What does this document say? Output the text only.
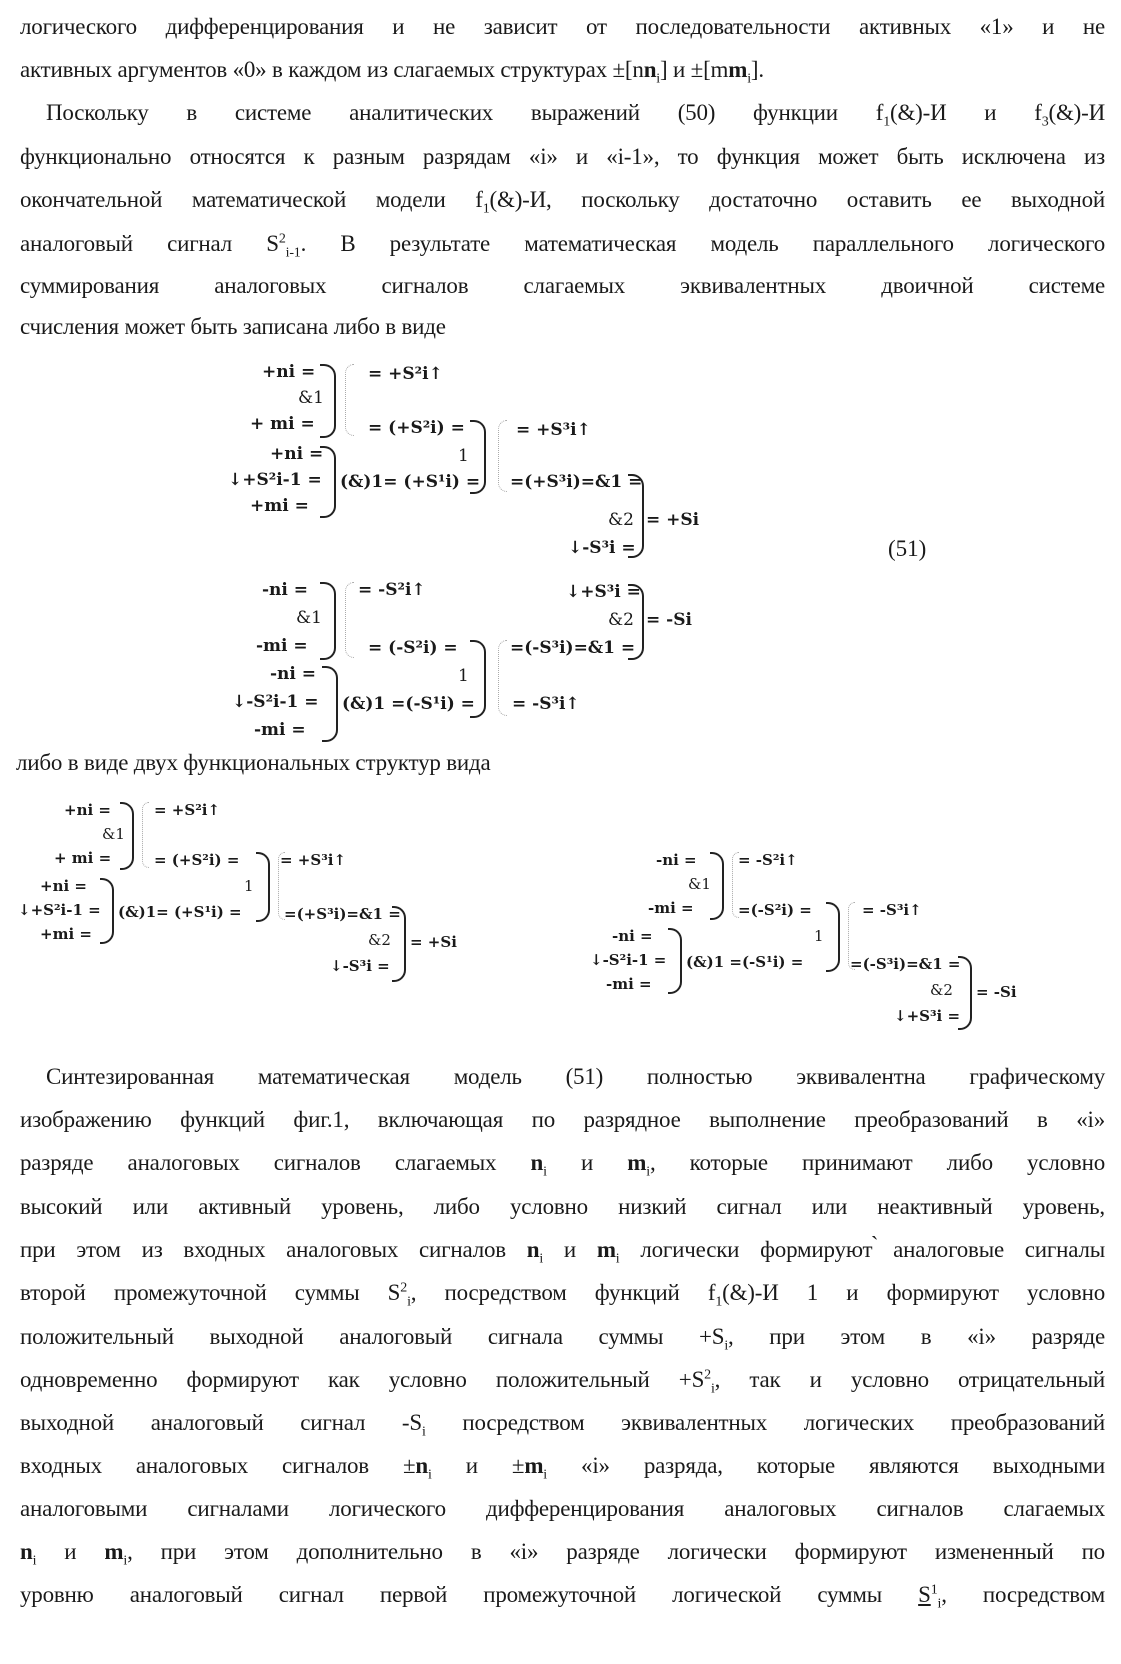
логического дифференцирования и не зависит от последовательности активных «1» и не
активных аргументов «0» в каждом из слагаемых структурах ±[nni] и ±[mmi].
Поскольку в системе аналитических выражений (50) функции f1(&)-И и f3(&)-И
функционально относятся к разным разрядам «i» и «i-1», то функция может быть исключена из
окончательной математической модели f1(&)-И, поскольку достаточно оставить ее выходной
аналоговый сигнал S2i-1. В результате математическая модель параллельного логического
суммирования аналоговых сигналов слагаемых эквивалентных двоичной системе
счисления может быть записана либо в виде
+ni =
&1
+ mi =
= +S²i↑
= (+S²i) =
+ni =
↓+S²i-1 =
+mi =
(&)1= (+S¹i) =
1
= +S³i↑
=(+S³i)=&1 =
&2
↓-S³i =
= +Si
(51)
-ni =
&1
-mi =
= -S²i↑
= (-S²i) =
-ni =
↓-S²i-1 =
-mi =
(&)1 =(-S¹i) =
1
↓+S³i =
&2
=(-S³i)=&1 =
= -Si
= -S³i↑
либо в виде двух функциональных структур вида
+ni =
&1
+ mi =
= +S²i↑
= (+S²i) =
+ni =
↓+S²i-1 =
+mi =
(&)1= (+S¹i) =
1
= +S³i↑
=(+S³i)=&1 =
&2
↓-S³i =
= +Si
-ni =
&1
-mi =
= -S²i↑
=(-S²i) =
-ni =
↓-S²i-1 =
-mi =
(&)1 =(-S¹i) =
1
= -S³i↑
=(-S³i)=&1 =
&2
↓+S³i =
= -Si
Синтезированная математическая модель (51) полностью эквивалентна графическому
изображению функций фиг.1, включающая по разрядное выполнение преобразований в «i»
разряде аналоговых сигналов слагаемых ni и mi, которые принимают либо условно
высокий или активный уровень, либо условно низкий сигнал или неактивный уровень,
при этом из входных аналоговых сигналов ni и mi логически формируют ̀аналоговые сигналы
второй промежуточной суммы S2i, посредством функций f1(&)-И 1 и формируют условно
положительный выходной аналоговый сигнала суммы +Si, при этом в «i» разряде
одновременно формируют как условно положительный +S2i, так и условно отрицательный
выходной аналоговый сигнал -Si посредством эквивалентных логических преобразований
входных аналоговых сигналов ±ni и ±mi «i» разряда, которые являются выходными
аналоговыми сигналами логического дифференцирования аналоговых сигналов слагаемых
ni и mi, при этом дополнительно в «i» разряде логически формируют измененный по
уровню аналоговый сигнал первой промежуточной логической суммы S1i, посредством
